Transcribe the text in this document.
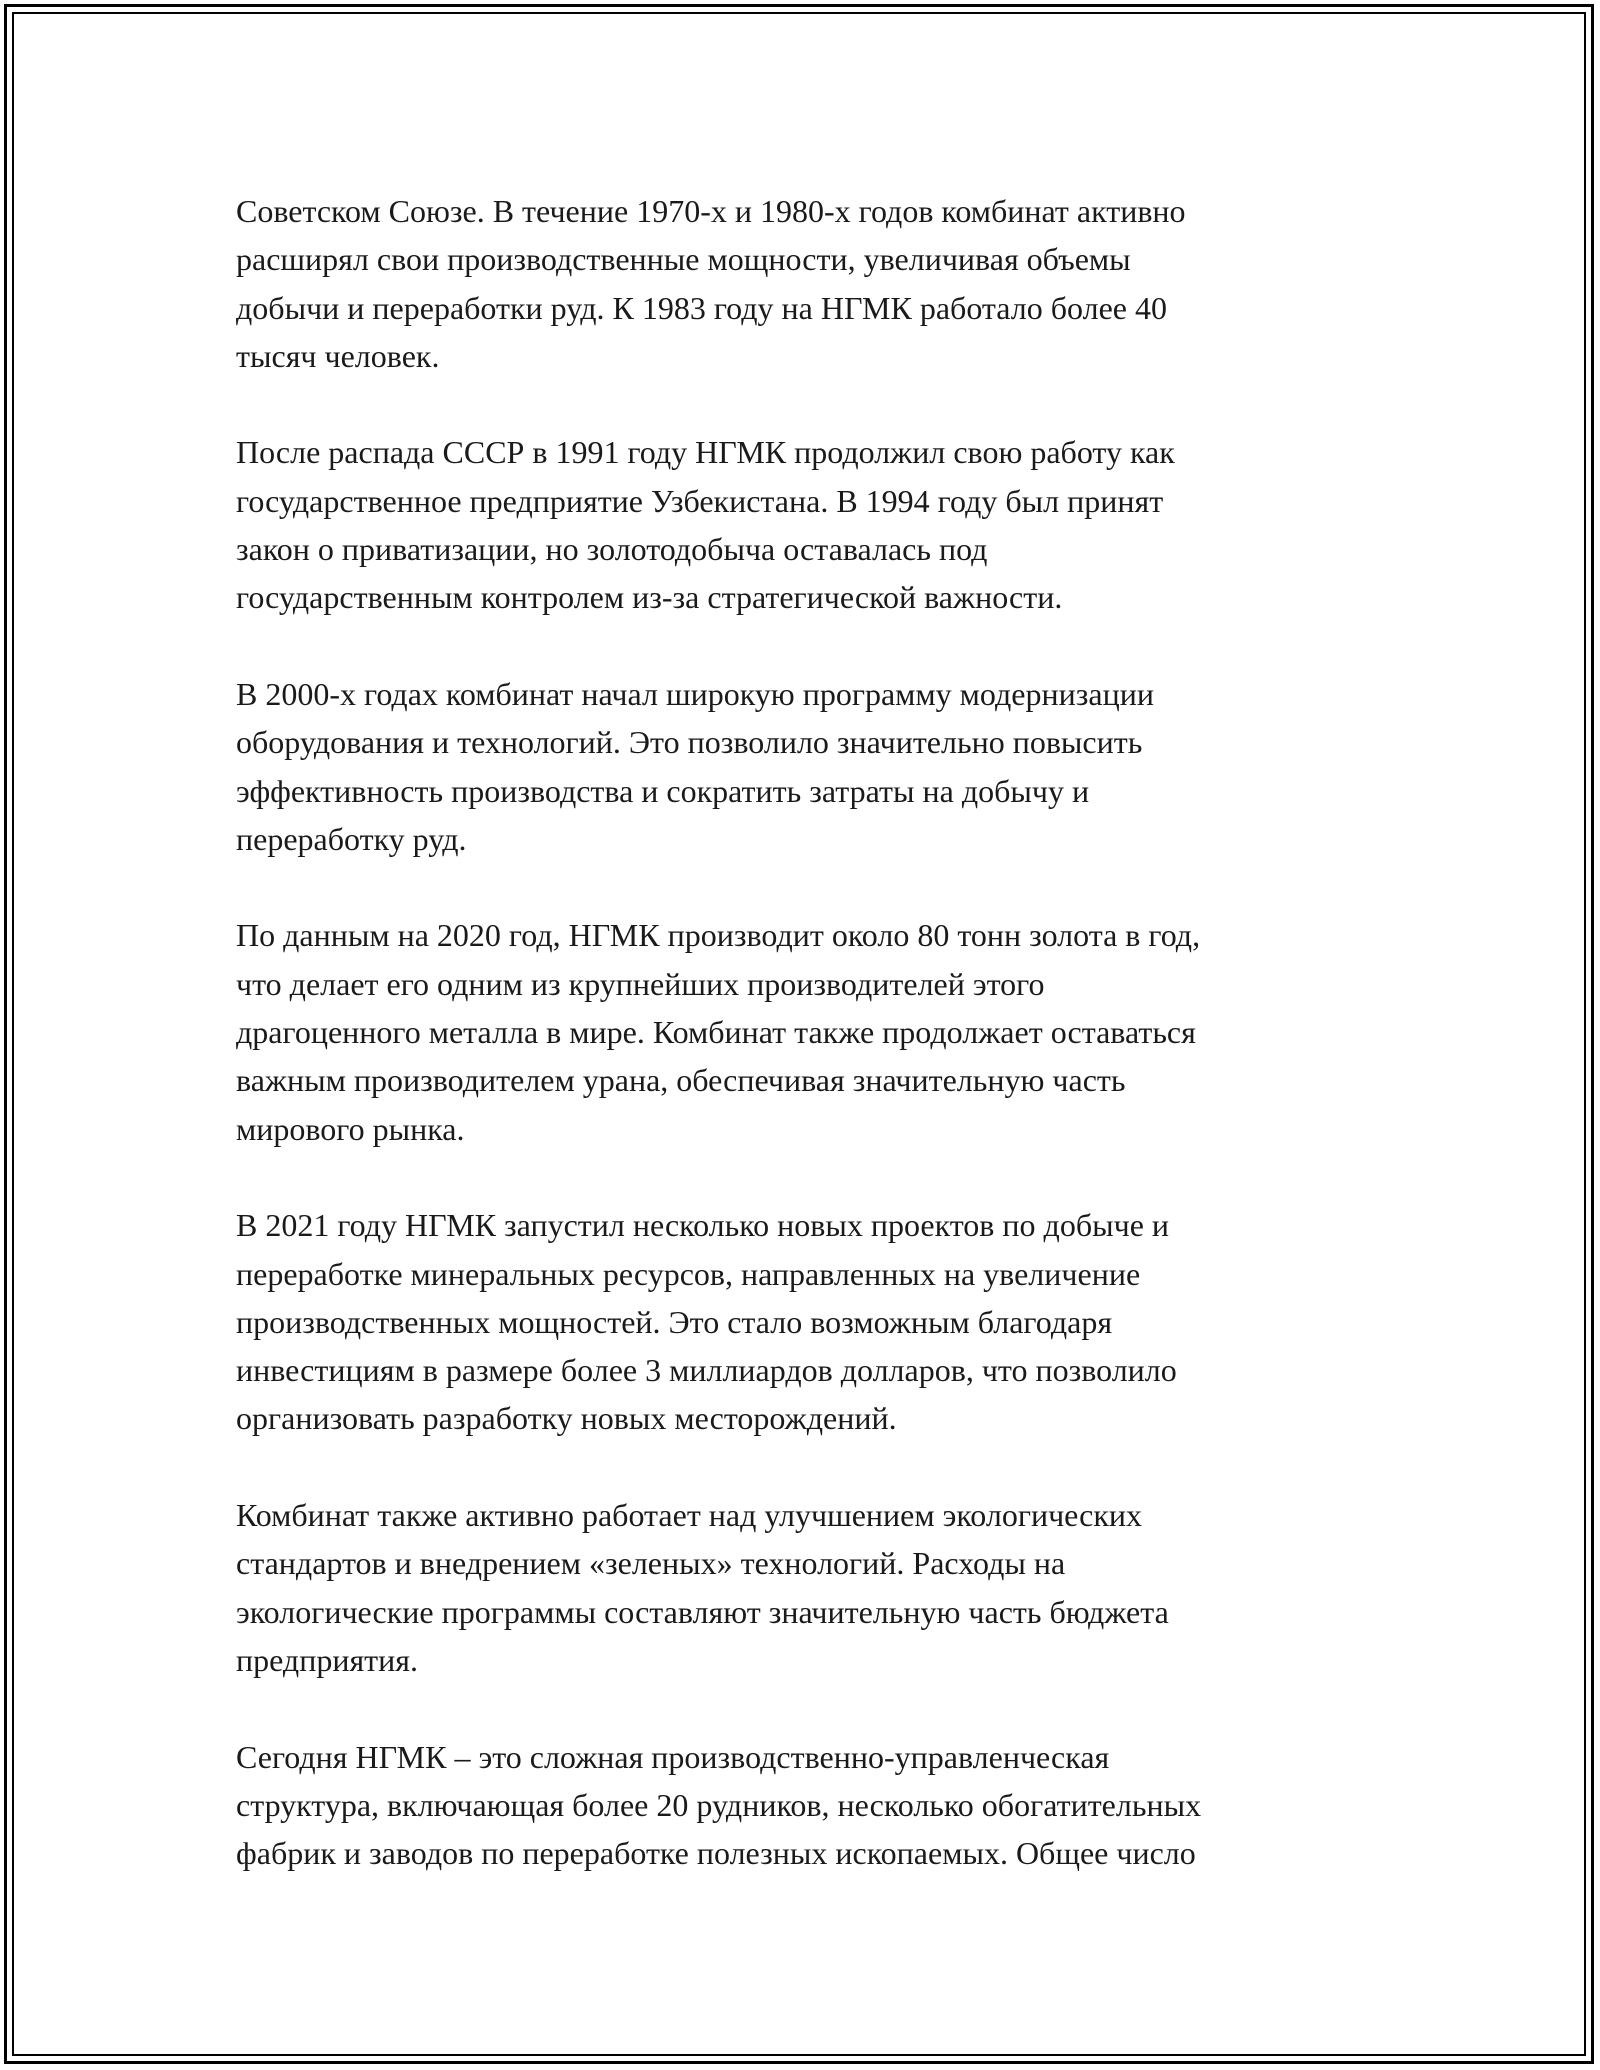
Советском Союзе. В течение 1970-х и 1980-х годов комбинат активно
расширял свои производственные мощности, увеличивая объемы
добычи и переработки руд. К 1983 году на НГМК работало более 40
тысяч человек.

После распада СССР в 1991 году НГМК продолжил свою работу как
государственное предприятие Узбекистана. В 1994 году был принят
закон о приватизации, но золотодобыча оставалась под
государственным контролем из-за стратегической важности.

В 2000-х годах комбинат начал широкую программу модернизации
оборудования и технологий. Это позволило значительно повысить
эффективность производства и сократить затраты на добычу и
переработку руд.

По данным на 2020 год, НГМК производит около 80 тонн золота в год,
что делает его одним из крупнейших производителей этого
драгоценного металла в мире. Комбинат также продолжает оставаться
важным производителем урана, обеспечивая значительную часть
мирового рынка.

В 2021 году НГМК запустил несколько новых проектов по добыче и
переработке минеральных ресурсов, направленных на увеличение
производственных мощностей. Это стало возможным благодаря
инвестициям в размере более 3 миллиардов долларов, что позволило
организовать разработку новых месторождений.

Комбинат также активно работает над улучшением экологических
стандартов и внедрением «зеленых» технологий. Расходы на
экологические программы составляют значительную часть бюджета
предприятия.

Сегодня НГМК – это сложная производственно-управленческая
структура, включающая более 20 рудников, несколько обогатительных
фабрик и заводов по переработке полезных ископаемых. Общее число
